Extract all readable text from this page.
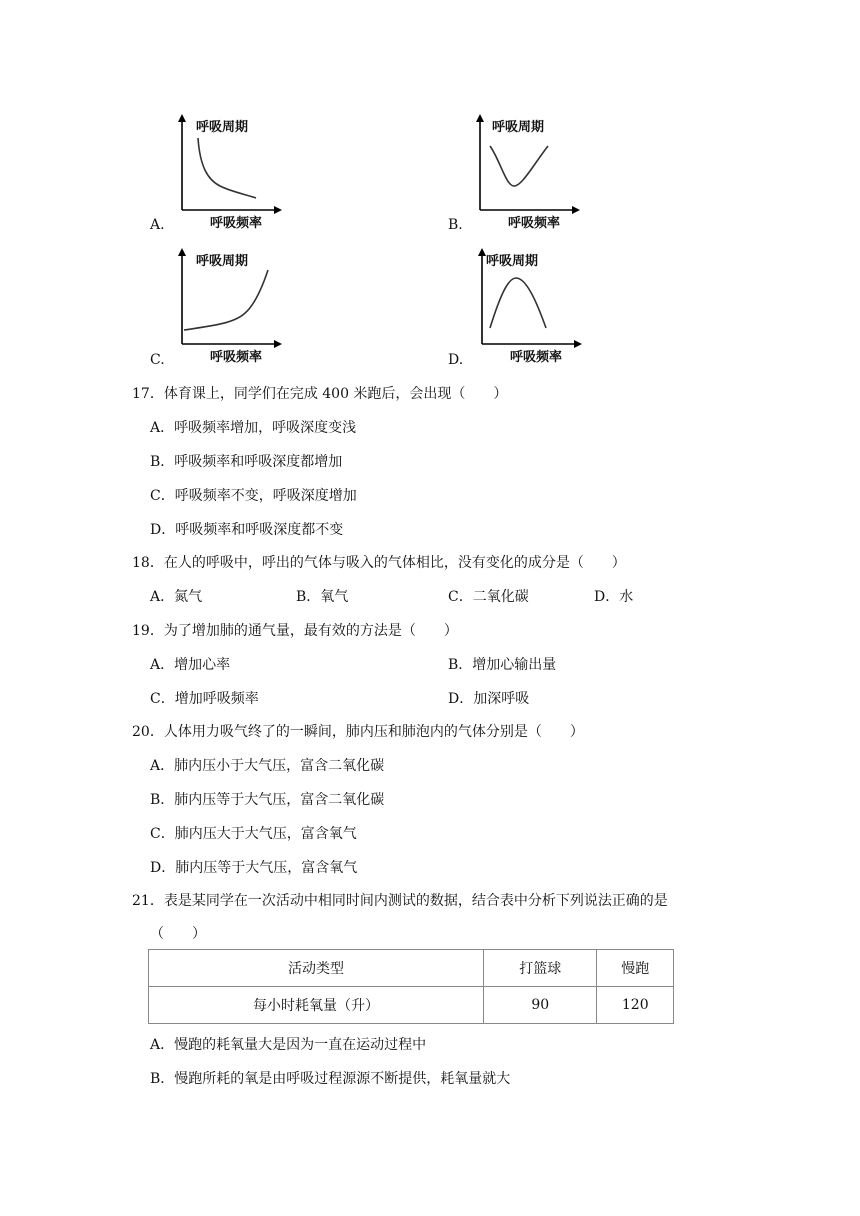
呼吸周期
呼吸频率
A.
呼吸周期
呼吸频率
B.
呼吸周期
呼吸频率
C.
呼吸周期
呼吸频率
D.
17．体育课上，同学们在完成 400 米跑后，会出现（　　）
A．呼吸频率增加，呼吸深度变浅
B．呼吸频率和呼吸深度都增加
C．呼吸频率不变，呼吸深度增加
D．呼吸频率和呼吸深度都不变
18．在人的呼吸中，呼出的气体与吸入的气体相比，没有变化的成分是（　　）
A．氮气	B．氧气	C．二氧化碳	D．水
19．为了增加肺的通气量，最有效的方法是（　　）
A．增加心率	B．增加心输出量
C．增加呼吸频率	D．加深呼吸
20．人体用力吸气终了的一瞬间，肺内压和肺泡内的气体分别是（　　）
A．肺内压小于大气压，富含二氧化碳
B．肺内压等于大气压，富含二氧化碳
C．肺内压大于大气压，富含氧气
D．肺内压等于大气压，富含氧气
21．表是某同学在一次活动中相同时间内测试的数据，结合表中分析下列说法正确的是
（　　）
活动类型	打篮球	慢跑
每小时耗氧量（升）	90	120
A．慢跑的耗氧量大是因为一直在运动过程中
B．慢跑所耗的氧是由呼吸过程源源不断提供，耗氧量就大
